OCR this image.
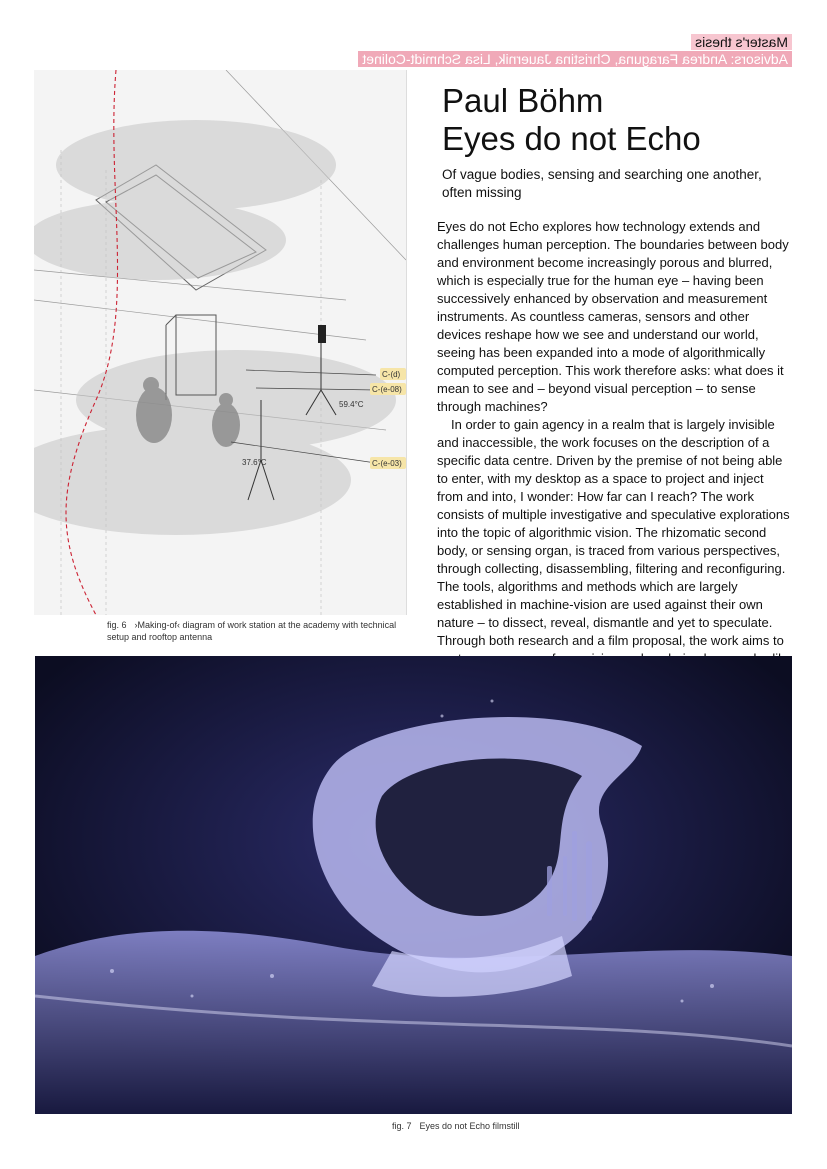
Master's thesis
Advisors: Andrea Faraguna, Christina Jauernik, Lisa Schmidt-Colinet
C-(d)
C-(e-08)
C-(e-03)
59.4°C
37.6°C
fig. 6 ›Making-of‹ diagram of work station at the academy with technical setup and rooftop antenna
Paul Böhm
Eyes do not Echo
Of vague bodies, sensing and searching one another, often missing

Eyes do not Echo explores how technology extends and challenges human perception. The boundaries between body and environment become increasingly porous and blurred, which is especially true for the human eye – having been successively enhanced by observation and measurement instruments. As countless cameras, sensors and other devices reshape how we see and understand our world, seeing has been expanded into a mode of algorithmically computed perception. This work therefore asks: what does it mean to see and – beyond visual perception – to sense through machines?

In order to gain agency in a realm that is largely invisible and inaccessible, the work focuses on the description of a specific data centre. Driven by the premise of not being able to enter, with my desktop as a space to project and inject from and into, I wonder: How far can I reach? The work consists of multiple investigative and speculative explorations into the topic of algorithmic vision. The rhizomatic second body, or sensing organ, is traced from various perspectives, through collecting, disassembling, filtering and reconfiguring. The tools, algorithms and methods which are largely established in machine-vision are used against their own nature – to dissect, reveal, dismantle and yet to speculate. Through both research and a film proposal, the work aims to

fig. 7 Eyes do not Echo filmstill
